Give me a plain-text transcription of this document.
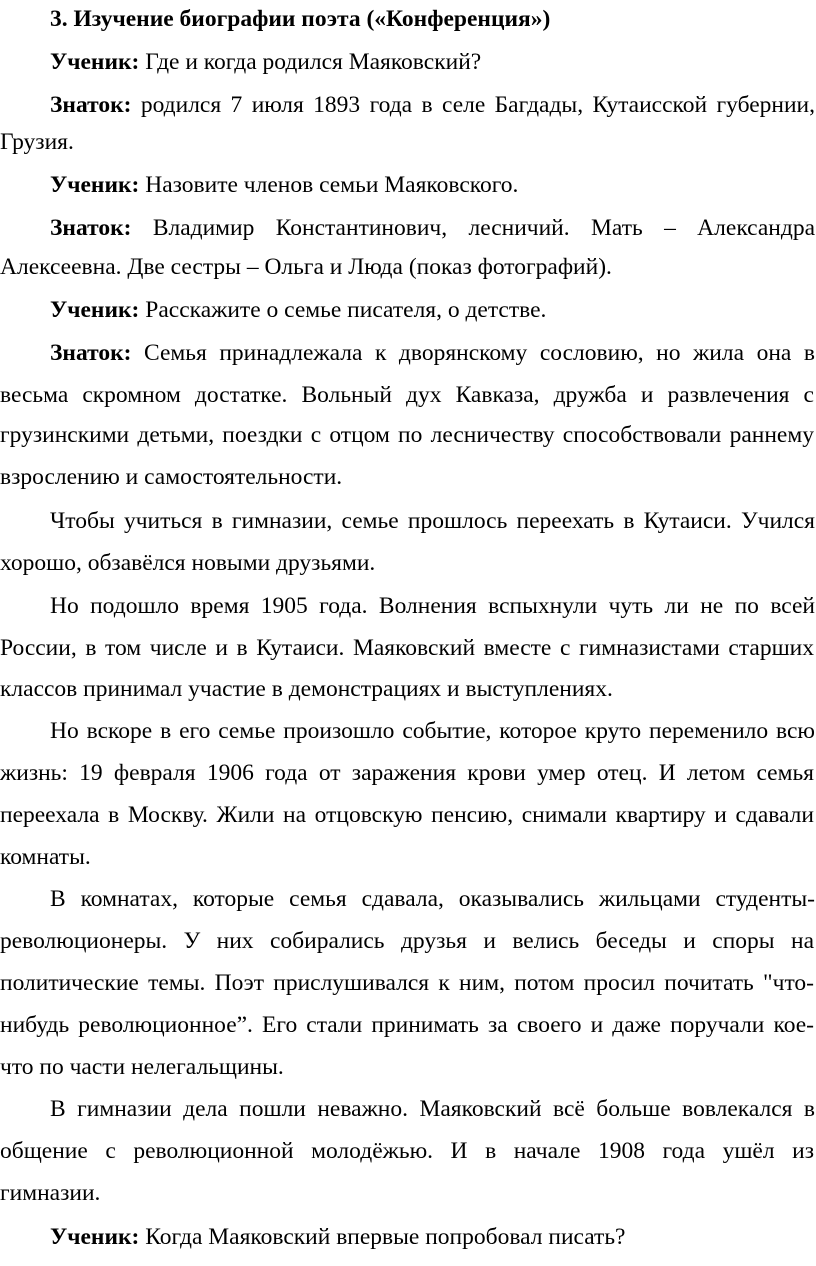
3. Изучение биографии поэта («Конференция»)
Ученик: Где и когда родился Маяковский?
Знаток: родился 7 июля 1893 года в селе Багдады, Кутаисской губернии,
Грузия.
Ученик: Назовите членов семьи Маяковского.
Знаток: Владимир Константинович, лесничий. Мать – Александра
Алексеевна. Две сестры – Ольга и Люда (показ фотографий).
Ученик: Расскажите о семье писателя, о детстве.
Знаток: Семья принадлежала к дворянскому сословию, но жила она в
весьма скромном достатке. Вольный дух Кавказа, дружба и развлечения с
грузинскими детьми, поездки с отцом по лесничеству способствовали раннему
взрослению и самостоятельности.
Чтобы учиться в гимназии, семье прошлось переехать в Кутаиси. Учился
хорошо, обзавёлся новыми друзьями.
Но подошло время 1905 года. Волнения вспыхнули чуть ли не по всей
России, в том числе и в Кутаиси. Маяковский вместе с гимназистами старших
классов принимал участие в демонстрациях и выступлениях.
Но вскоре в его семье произошло событие, которое круто переменило всю
жизнь: 19 февраля 1906 года от заражения крови умер отец. И летом семья
переехала в Москву. Жили на отцовскую пенсию, снимали квартиру и сдавали
комнаты.
В комнатах, которые семья сдавала, оказывались жильцами студенты-
революционеры. У них собирались друзья и велись беседы и споры на
политические темы. Поэт прислушивался к ним, потом просил почитать "что-
нибудь революционное”. Его стали принимать за своего и даже поручали кое-
что по части нелегальщины.
В гимназии дела пошли неважно. Маяковский всё больше вовлекался в
общение с революционной молодёжью. И в начале 1908 года ушёл из
гимназии.
Ученик: Когда Маяковский впервые попробовал писать?
